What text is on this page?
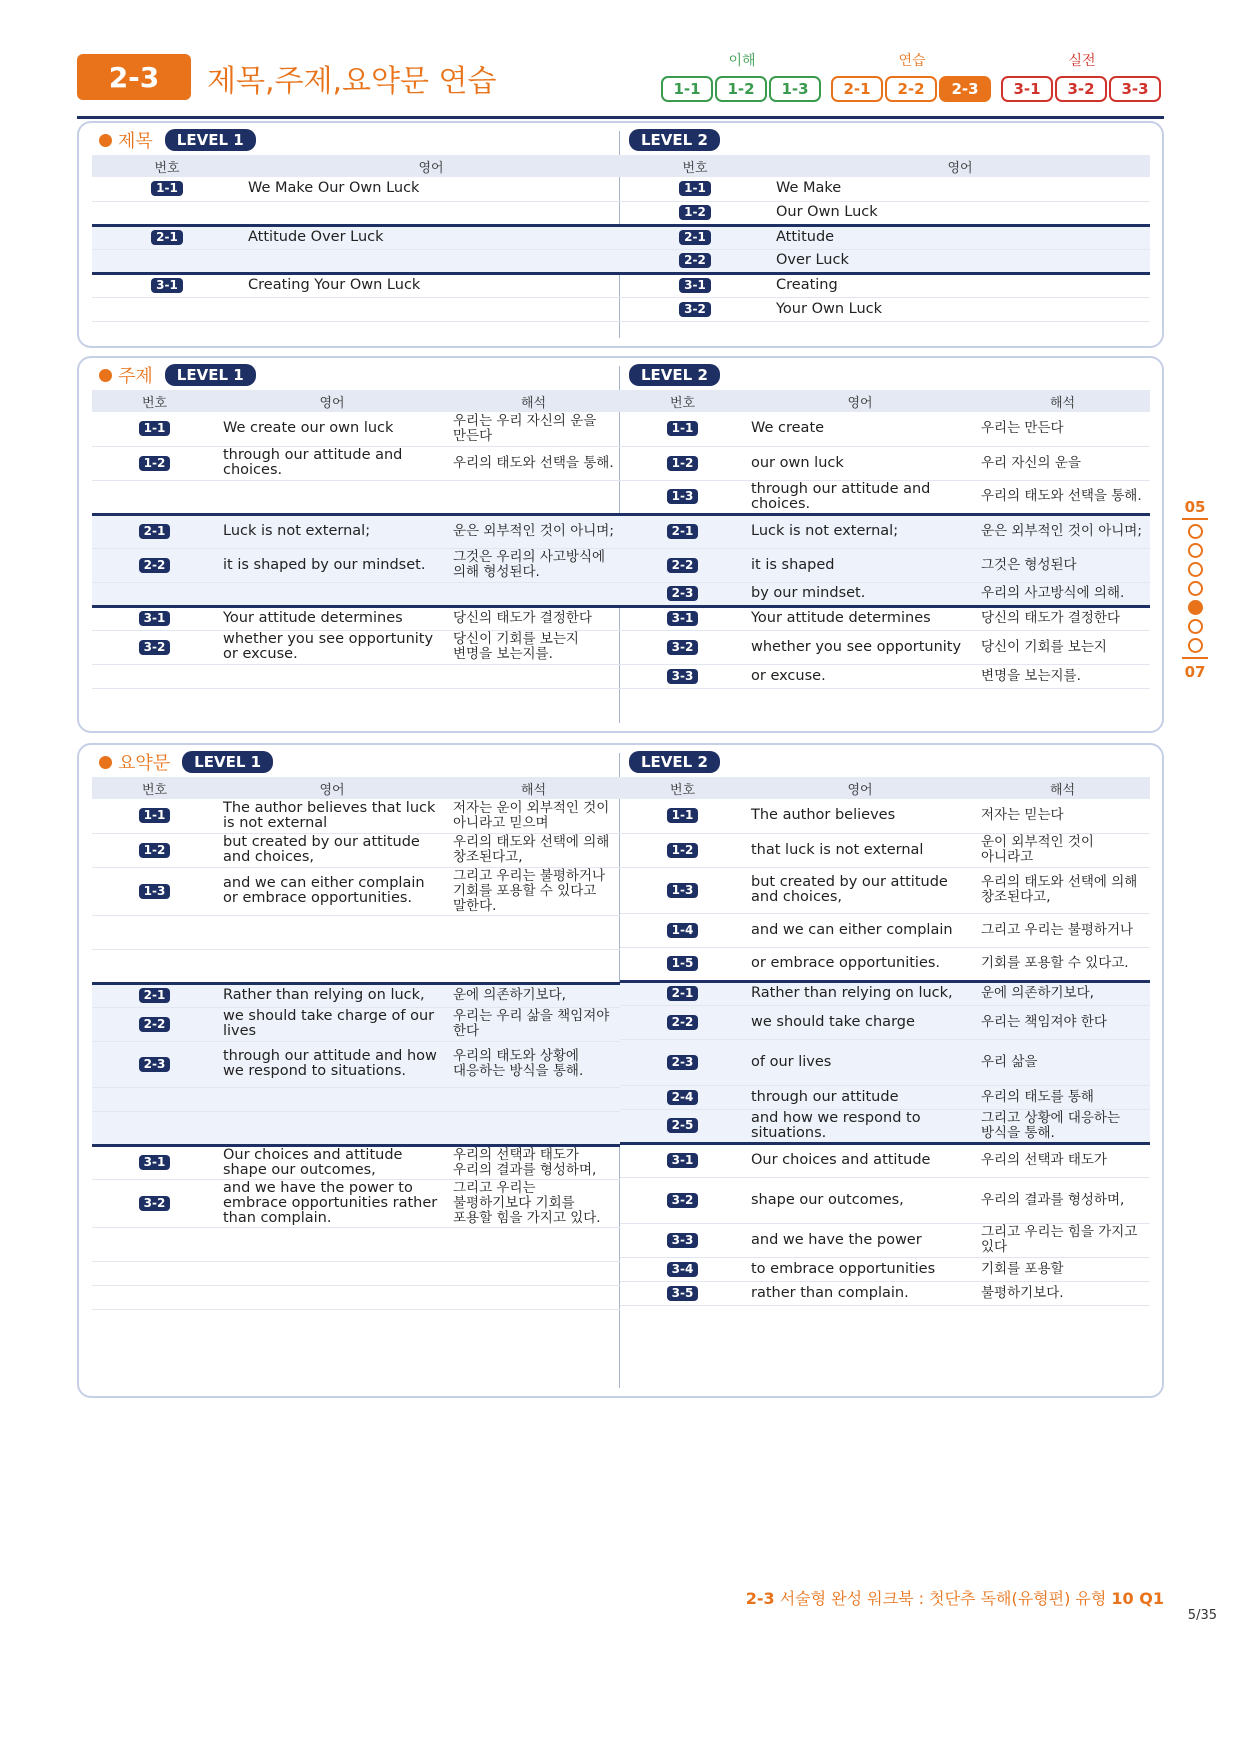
2-3	제목,주제,요약문 연습
이해
1-1	1-2	1-3
연습
2-1	2-2	2-3
실전
3-1	3-2	3-3
제목	LEVEL 1	LEVEL 2
번호	영어
1-1	We Make Our Own Luck

2-1	Attitude Over Luck

3-1	Creating Your Own Luck

번호	영어
1-1	We Make
1-2	Our Own Luck
2-1	Attitude
2-2	Over Luck
3-1	Creating
3-2	Your Own Luck
주제	LEVEL 1	LEVEL 2
번호	영어	해석
1-1	We create our own luck	우리는 우리 자신의 운을 만든다
1-2	through our attitude and choices.	우리의 태도와 선택을 통해.

2-1	Luck is not external;	운은 외부적인 것이 아니며;
2-2	it is shaped by our mindset.	그것은 우리의 사고방식에 의해 형성된다.

3-1	Your attitude determines	당신의 태도가 결정한다
3-2	whether you see opportunity or excuse.	당신이 기회를 보는지 변명을 보는지를.

번호	영어	해석
1-1	We create	우리는 만든다
1-2	our own luck	우리 자신의 운을
1-3	through our attitude and choices.	우리의 태도와 선택을 통해.
2-1	Luck is not external;	운은 외부적인 것이 아니며;
2-2	it is shaped	그것은 형성된다
2-3	by our mindset.	우리의 사고방식에 의해.
3-1	Your attitude determines	당신의 태도가 결정한다
3-2	whether you see opportunity	당신이 기회를 보는지
3-3	or excuse.	변명을 보는지를.
요약문	LEVEL 1	LEVEL 2
번호	영어	해석
1-1	The author believes that luck is not external	저자는 운이 외부적인 것이 아니라고 믿으며
1-2	but created by our attitude and choices,	우리의 태도와 선택에 의해 창조된다고,
1-3	and we can either complain or embrace opportunities.	그리고 우리는 불평하거나 기회를 포용할 수 있다고 말한다.

2-1	Rather than relying on luck,	운에 의존하기보다,
2-2	we should take charge of our lives	우리는 우리 삶을 책임져야 한다
2-3	through our attitude and how we respond to situations.	우리의 태도와 상황에 대응하는 방식을 통해.

3-1	Our choices and attitude shape our outcomes,	우리의 선택과 태도가 우리의 결과를 형성하며,
3-2	and we have the power to embrace opportunities rather than complain.	그리고 우리는 불평하기보다 기회를 포용할 힘을 가지고 있다.

번호	영어	해석
1-1	The author believes	저자는 믿는다
1-2	that luck is not external	운이 외부적인 것이 아니라고
1-3	but created by our attitude and choices,	우리의 태도와 선택에 의해 창조된다고,
1-4	and we can either complain	그리고 우리는 불평하거나
1-5	or embrace opportunities.	기회를 포용할 수 있다고.
2-1	Rather than relying on luck,	운에 의존하기보다,
2-2	we should take charge	우리는 책임져야 한다
2-3	of our lives	우리 삶을
2-4	through our attitude	우리의 태도를 통해
2-5	and how we respond to situations.	그리고 상황에 대응하는 방식을 통해.
3-1	Our choices and attitude	우리의 선택과 태도가
3-2	shape our outcomes,	우리의 결과를 형성하며,
3-3	and we have the power	그리고 우리는 힘을 가지고 있다
3-4	to embrace opportunities	기회를 포용할
3-5	rather than complain.	불평하기보다.
05
07
2-3 서술형 완성 워크북 : 첫단추 독해(유형편) 유형 10 Q1
5/35
